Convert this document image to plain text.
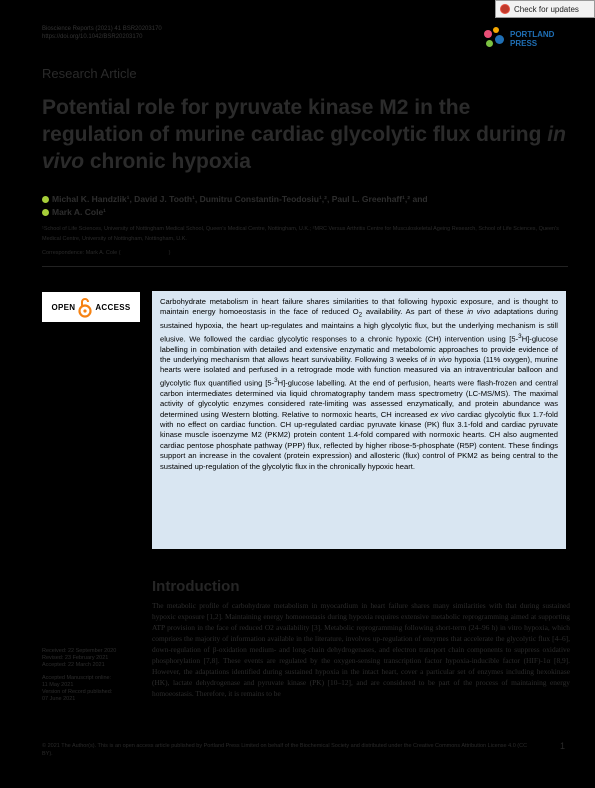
Check for updates
Bioscience Reports (2021) 41 BSR20203170
https://doi.org/10.1042/BSR20203170	PORTLAND
PRESS
Research Article
Potential role for pyruvate kinase M2 in the regulation of murine cardiac glycolytic flux during in
vivo chronic hypoxia
Michal K. Handzlik¹, David J. Tooth¹, Dumitru Constantin-Teodosiu¹,², Paul L. Greenhaff¹,² and
Mark A. Cole¹
¹School of Life Sciences, University of Nottingham Medical School, Queen's Medical Centre, Nottingham, U.K.; ²MRC Versus Arthritis Centre for Musculoskeletal Ageing Research, School of Life Sciences, Queen's Medical Centre, University of Nottingham, Nottingham, U.K.
Correspondence: Mark A. Cole (	)
OPEN	ACCESS
Carbohydrate metabolism in heart failure shares similarities to that following hypoxic exposure, and is thought to maintain energy homoeostasis in the face of reduced $O_2$ availability. As part of these in vivo adaptations during sustained hypoxia, the heart up-regulates and maintains a high glycolytic flux, but the underlying mechanism is still elusive. We followed the cardiac glycolytic responses to a chronic hypoxic (CH) intervention using [5-$^3$H]-glucose labelling in combination with detailed and extensive enzymatic and metabolomic approaches to provide evidence of the underlying mechanism that allows heart survivability. Following 3 weeks of in vivo hypoxia (11% oxygen), murine hearts were isolated and perfused in a retrograde mode with function measured via an intraventricular balloon and glycolytic flux quantified using [5-$^3$H]-glucose labelling. At the end of perfusion, hearts were flash-frozen and central carbon intermediates determined via liquid chromatography tandem mass spectrometry (LC-MS/MS). The maximal activity of glycolytic enzymes considered rate-limiting was assessed enzymatically, and protein abundance was determined using Western blotting. Relative to normoxic hearts, CH increased ex vivo cardiac glycolytic flux 1.7-fold with no effect on cardiac function. CH up-regulated cardiac pyruvate kinase (PK) flux 3.1-fold and cardiac pyruvate kinase muscle isoenzyme M2 (PKM2) protein content 1.4-fold compared with normoxic hearts. CH also augmented cardiac pentose phosphate pathway (PPP) flux, reflected by higher ribose-5-phosphate (R5P) content. These findings support an increase in the covalent (protein expression) and allosteric (flux) control of PKM2 as being central to the sustained up-regulation of the glycolytic flux in the chronically hypoxic heart.
Introduction
Received: 22 September 2020
Revised: 23 February 2021
Accepted: 22 March 2021
Accepted Manuscript online:
11 May 2021
Version of Record published:
07 June 2021
The metabolic profile of carbohydrate metabolism in myocardium in heart failure shares many similarities with that during sustained hypoxic exposure [1,2]. Maintaining energy homoeostasis during hypoxia requires extensive metabolic reprogramming aimed at supporting ATP provision in the face of reduced O2 availability [3]. Metabolic reprogramming following short-term (24–96 h) in vitro hypoxia, which comprises the majority of information available in the literature, involves up-regulation of enzymes that accelerate the glycolytic flux [4–6], down-regulation of β-oxidation medium- and long-chain dehydrogenases, and electron transport chain components to suppress oxidative phosphorylation [7,8]. These events are regulated by the oxygen-sensing transcription factor hypoxia-inducible factor (HIF)-1α [8,9]. However, the adaptations identified during sustained hypoxia in the intact heart, cover a particular set of enzymes including hexokinase (HK), lactate dehydrogenase and pyruvate kinase (PK) [10–12], and are considered to be part of the process of maintaining energy homoeostasis. Therefore, it is remains to be
© 2021 The Author(s). This is an open access article published by Portland Press Limited on behalf of the Biochemical Society and distributed under the Creative Commons Attribution License 4.0 (CC BY).
1
